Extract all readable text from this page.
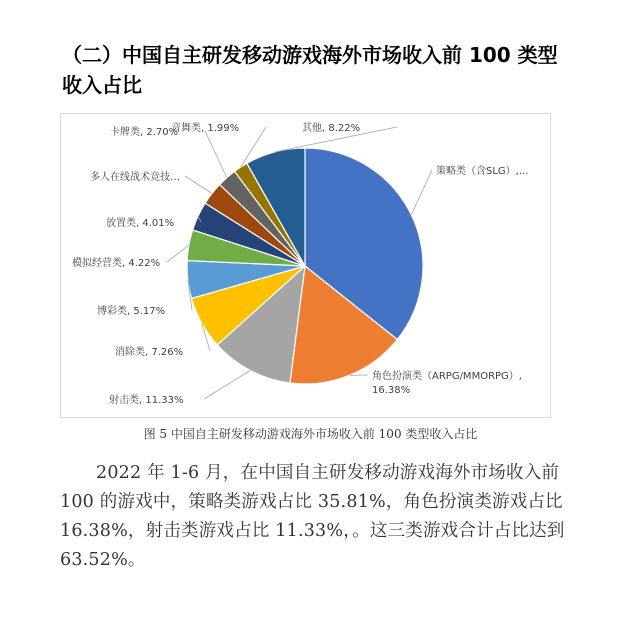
（二）中国自主研发移动游戏海外市场收入前 100 类型收入占比
策略类（含SLG）,...
角色扮演类（ARPG/MMORPG）, 16.38%
射击类, 11.33%
消除类, 7.26%
博彩类, 5.17%
模拟经营类, 4.22%
放置类, 4.01%
多人在线战术竞技…
卡牌类, 2.70%
音舞类, 1.99%	其他, 8.22%
图 5 中国自主研发移动游戏海外市场收入前 100 类型收入占比
2022 年 1-6 月，在中国自主研发移动游戏海外市场收入前 100 的游戏中，策略类游戏占比 35.81%，角色扮演类游戏占比 16.38%，射击类游戏占比 11.33%，。这三类游戏合计占比达到 63.52%。
